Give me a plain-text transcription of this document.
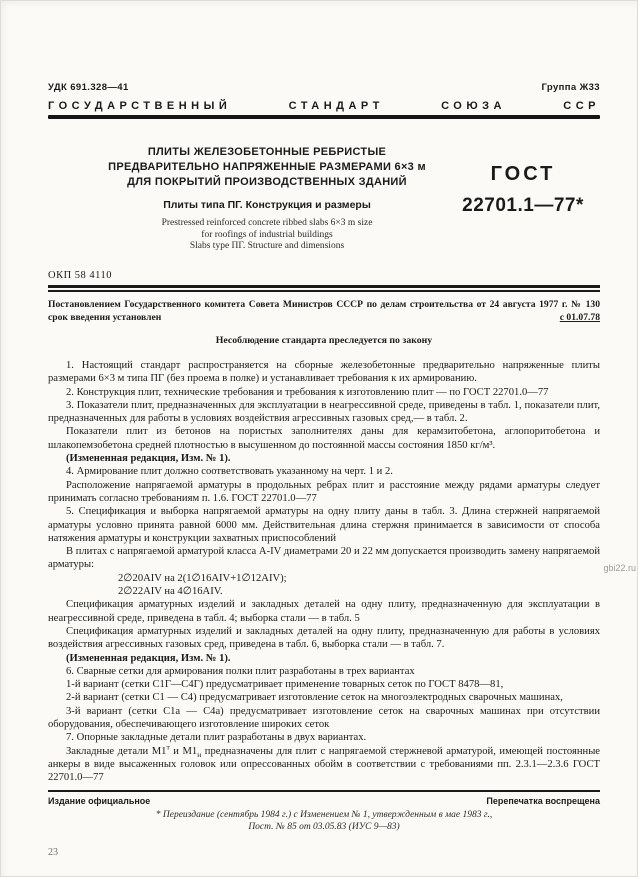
УДК 691.328—41	Группа Ж33
ГОСУДАРСТВЕННЫЙ	СТАНДАРТ	СОЮЗА	ССР
ПЛИТЫ ЖЕЛЕЗОБЕТОННЫЕ РЕБРИСТЫЕ
ПРЕДВАРИТЕЛЬНО НАПРЯЖЕННЫЕ РАЗМЕРАМИ 6×3 м
ДЛЯ ПОКРЫТИЙ ПРОИЗВОДСТВЕННЫХ ЗДАНИЙ
Плиты типа ПГ. Конструкция и размеры
Prestressed reinforced concrete ribbed slabs 6×3 m size
for roofings of industrial buildings
Slabs type ПГ. Structure and dimensions
ГОСТ
22701.1—77*
ОКП 58 4110
Постановлением Государственного комитета Совета Министров СССР по делам строительства от 24 августа 1977 г. № 130 срок введения установлен	с 01.07.78
Несоблюдение стандарта преследуется по закону

1. Настоящий стандарт распространяется на сборные железобетонные предварительно напряженные плиты размерами 6×3 м типа ПГ (без проема в полке) и устанавливает требования к их армированию.

2. Конструкция плит, технические требования и требования к изготовлению плит — по ГОСТ 22701.0—77

3. Показатели плит, предназначенных для эксплуатации в неагрессивной среде, приведены в табл. 1, показатели плит, предназначенных для работы в условиях воздействия агрессивных газовых сред,— в табл. 2.

Показатели плит из бетонов на пористых заполнителях даны для керамзитобетона, аглопоритобетона и шлакопемзобетона средней плотностью в высушенном до постоянной массы состояния 1850 кг/м³.

(Измененная редакция, Изм. № 1).

4. Армирование плит должно соответствовать указанному на черт. 1 и 2.

Расположение напрягаемой арматуры в продольных ребрах плит и расстояние между рядами арматуры следует принимать согласно требованиям п. 1.6. ГОСТ 22701.0—77

5. Спецификация и выборка напрягаемой арматуры на одну плиту даны в табл. 3. Длина стержней напрягаемой арматуры условно принята равной 6000 мм. Действительная длина стержня принимается в зависимости от способа натяжения арматуры и конструкции захватных приспособлений

В плитах с напрягаемой арматурой класса A-IV диаметрами 20 и 22 мм допускается производить замену напрягаемой арматуры:

2∅20AIV на 2(1∅16AIV+1∅12AIV);

2∅22AIV на 4∅16AIV.

Спецификация арматурных изделий и закладных деталей на одну плиту, предназначенную для эксплуатации в неагрессивной среде, приведена в табл. 4; выборка стали — в табл. 5

Спецификация арматурных изделий и закладных деталей на одну плиту, предназначенную для работы в условиях воздействия агрессивных газовых сред, приведена в табл. 6, выборка стали — в табл. 7.

(Измененная редакция, Изм. № 1).

6. Сварные сетки для армирования полки плит разработаны в трех вариантах

1-й вариант (сетки С1Г—С4Г) предусматривает применение товарных сеток по ГОСТ 8478—81,

2-й вариант (сетки С1 — С4) предусматривает изготовление сеток на многоэлектродных сварочных машинах,

3-й вариант (сетки С1а — С4а) предусматривает изготовление сеток на сварочных машинах при отсутствии оборудования, обеспечивающего изготовление широких сеток

7. Опорные закладные детали плит разработаны в двух вариантах.

Закладные детали $М1^т$ и $М1_н$ предназначены для плит с напрягаемой стержневой арматурой, имеющей постоянные анкеры в виде высаженных головок или опрессованных обойм в соответствии с требованиями пп. 2.3.1—2.3.6 ГОСТ 22701.0—77

Издание официальное	Перепечатка воспрещена
* Переиздание (сентябрь 1984 г.) с Изменением № 1, утвержденным в мае 1983 г.,
Пост. № 85 от 03.05.83 (ИУС 9—83)
23
gbi22.ru
